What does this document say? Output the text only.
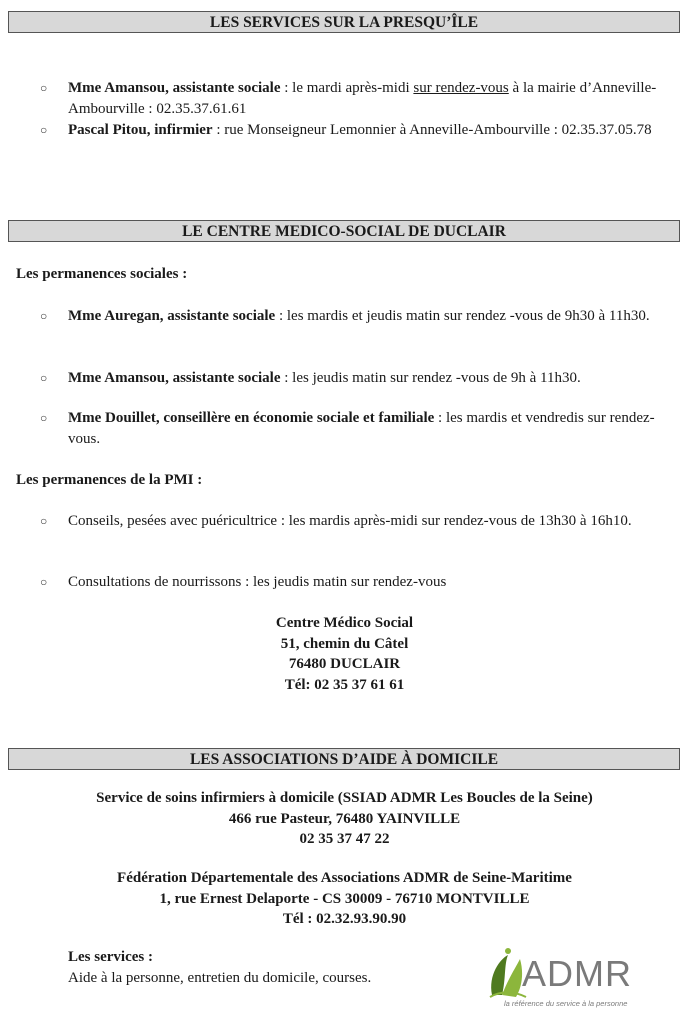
LES SERVICES SUR LA PRESQU’ÎLE
○	Mme Amansou, assistante sociale : le mardi après-midi sur rendez-vous à la mairie d’Anneville-Ambourville : 02.35.37.61.61
○	Pascal Pitou, infirmier : rue Monseigneur Lemonnier à Anneville-Ambourville : 02.35.37.05.78
LE CENTRE MEDICO-SOCIAL DE DUCLAIR
Les permanences sociales :
○	Mme Auregan, assistante sociale : les mardis et jeudis matin sur rendez -vous de 9h30 à 11h30.
○	Mme Amansou, assistante sociale : les jeudis matin sur rendez -vous de 9h à 11h30.
○	Mme Douillet, conseillère en économie sociale et familiale : les mardis et vendredis sur rendez-vous.
Les permanences de la PMI :
○	Conseils, pesées avec puéricultrice : les mardis après-midi sur rendez-vous de 13h30 à 16h10.
○	Consultations de nourrissons : les jeudis matin sur rendez-vous
Centre Médico Social
51, chemin du Câtel
76480 DUCLAIR
Tél: 02 35 37 61 61
LES ASSOCIATIONS D’AIDE À DOMICILE
Service de soins infirmiers à domicile (SSIAD ADMR Les Boucles de la Seine)
466 rue Pasteur, 76480 YAINVILLE
02 35 37 47 22
Fédération Départementale des Associations ADMR de Seine-Maritime
1, rue Ernest Delaporte - CS 30009 - 76710 MONTVILLE
Tél : 02.32.93.90.90
Les services :
Aide à la personne, entretien du domicile, courses.	ADMR
la référence du service à la personne
